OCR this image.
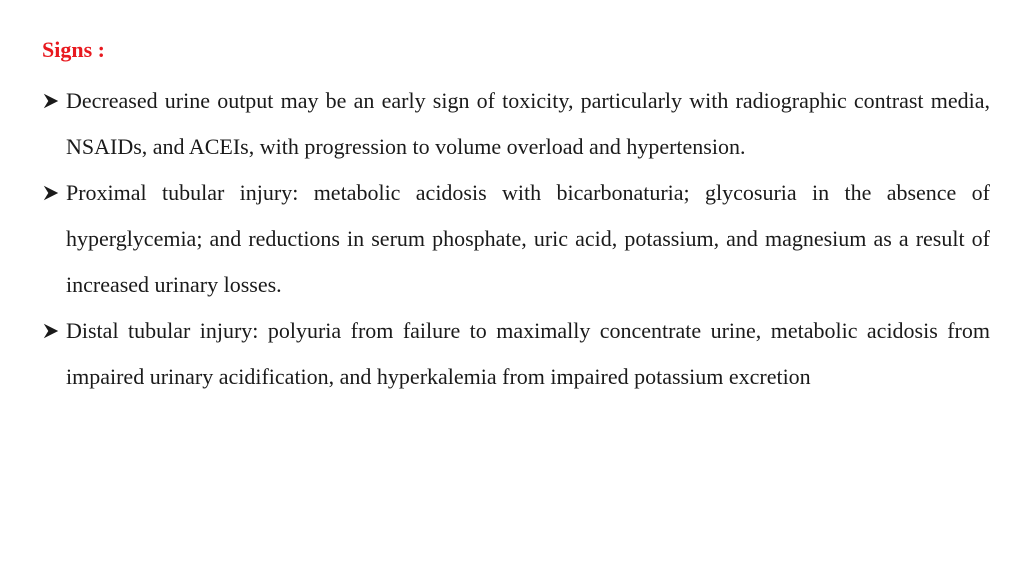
Signs :
Decreased urine output may be an early sign of toxicity, particularly with radiographic contrast media, NSAIDs, and ACEIs, with progression to volume overload and hypertension.
Proximal tubular injury: metabolic acidosis with bicarbonaturia; glycosuria in the absence of hyperglycemia; and reductions in serum phosphate, uric acid, potassium, and magnesium as a result of increased urinary losses.
Distal tubular injury: polyuria from failure to maximally concentrate urine, metabolic acidosis from impaired urinary acidification, and hyperkalemia from impaired potassium excretion
